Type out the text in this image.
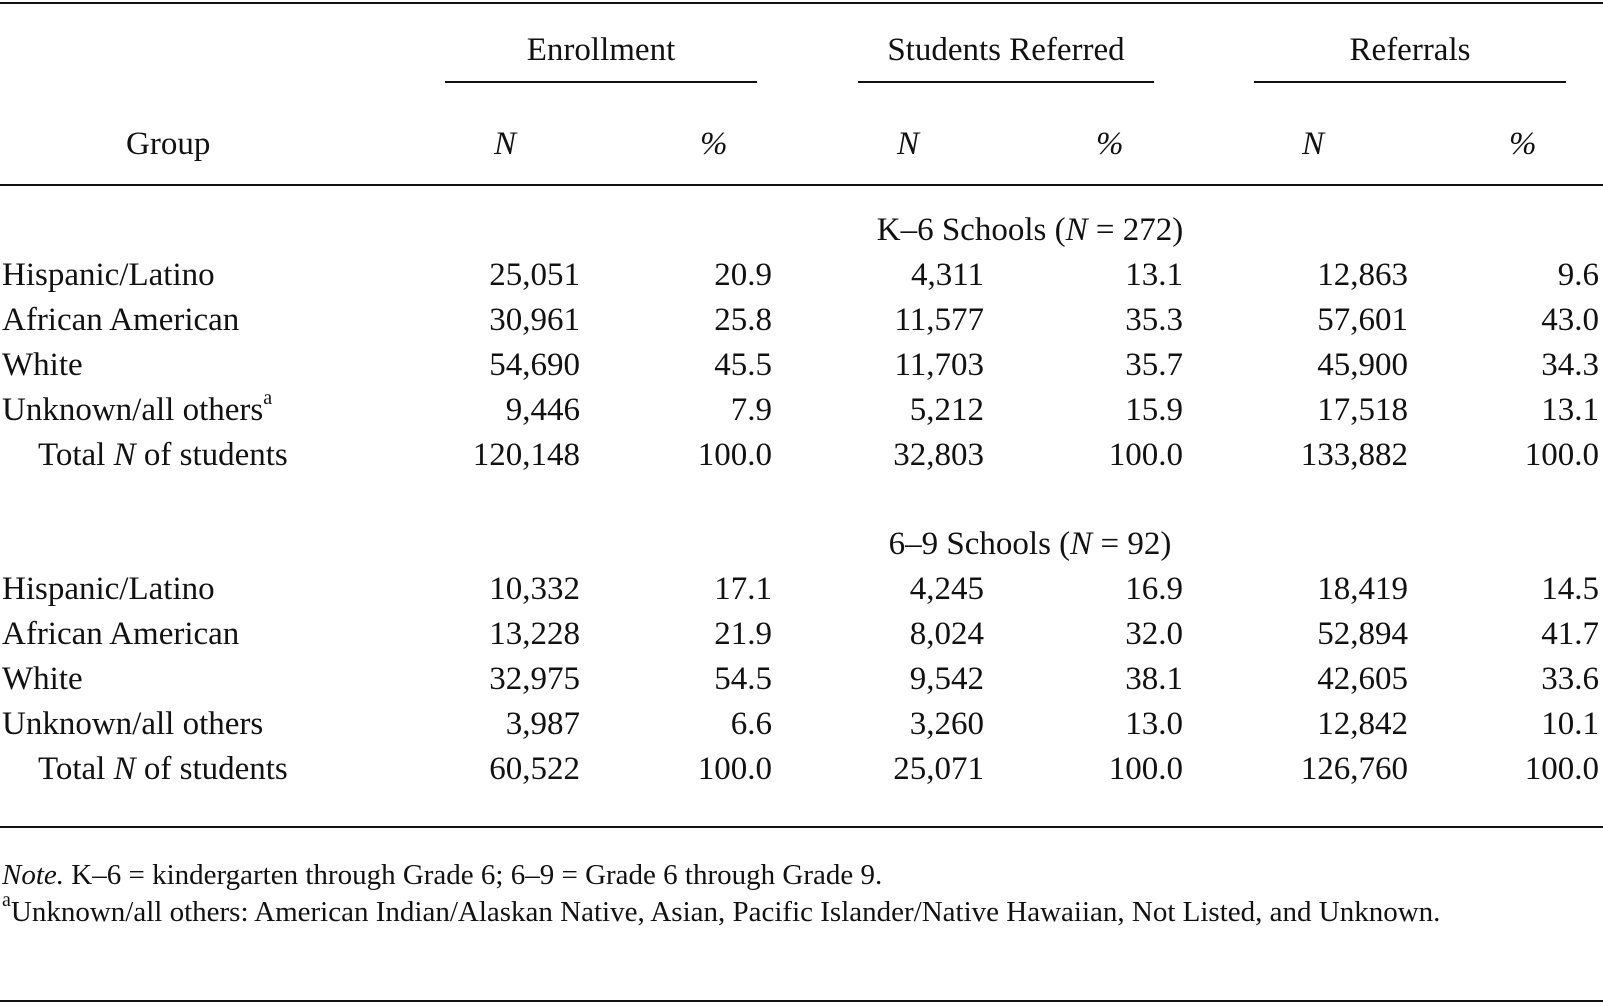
Enrollment	Students Referred	Referrals
Group	N	%	N	%	N	%
K–6 Schools (N = 272)
Hispanic/Latino	25,051	20.9	4,311	13.1	12,863	9.6
African American	30,961	25.8	11,577	35.3	57,601	43.0
White	54,690	45.5	11,703	35.7	45,900	34.3
Unknown/all others$^a$	9,446	7.9	5,212	15.9	17,518	13.1
Total N of students	120,148	100.0	32,803	100.0	133,882	100.0
6–9 Schools (N = 92)
Hispanic/Latino	10,332	17.1	4,245	16.9	18,419	14.5
African American	13,228	21.9	8,024	32.0	52,894	41.7
White	32,975	54.5	9,542	38.1	42,605	33.6
Unknown/all others	3,987	6.6	3,260	13.0	12,842	10.1
Total N of students	60,522	100.0	25,071	100.0	126,760	100.0
Note. K–6 = kindergarten through Grade 6; 6–9 = Grade 6 through Grade 9.
$^a$Unknown/all others: American Indian/Alaskan Native, Asian, Pacific Islander/Native Hawaiian, Not Listed, and Unknown.
